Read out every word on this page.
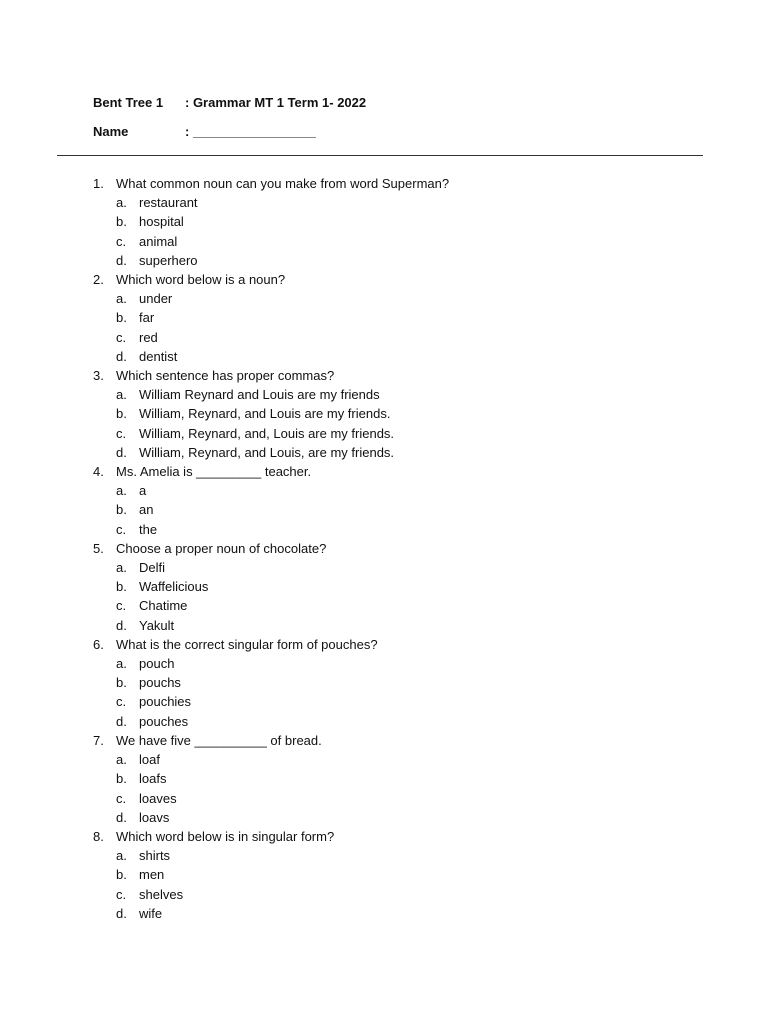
Bent Tree 1	: Grammar MT 1 Term 1- 2022
Name	: _________________
1. What common noun can you make from word Superman?
a. restaurant
b. hospital
c. animal
d. superhero
2. Which word below is a noun?
a. under
b. far
c. red
d. dentist
3. Which sentence has proper commas?
a. William Reynard and Louis are my friends
b. William, Reynard, and Louis are my friends.
c. William, Reynard, and, Louis are my friends.
d. William, Reynard, and Louis, are my friends.
4. Ms. Amelia is _________ teacher.
a. a
b. an
c. the
5. Choose a proper noun of chocolate?
a. Delfi
b. Waffelicious
c. Chatime
d. Yakult
6. What is the correct singular form of pouches?
a. pouch
b. pouchs
c. pouchies
d. pouches
7. We have five __________ of bread.
a. loaf
b. loafs
c. loaves
d. loavs
8. Which word below is in singular form?
a. shirts
b. men
c. shelves
d. wife
